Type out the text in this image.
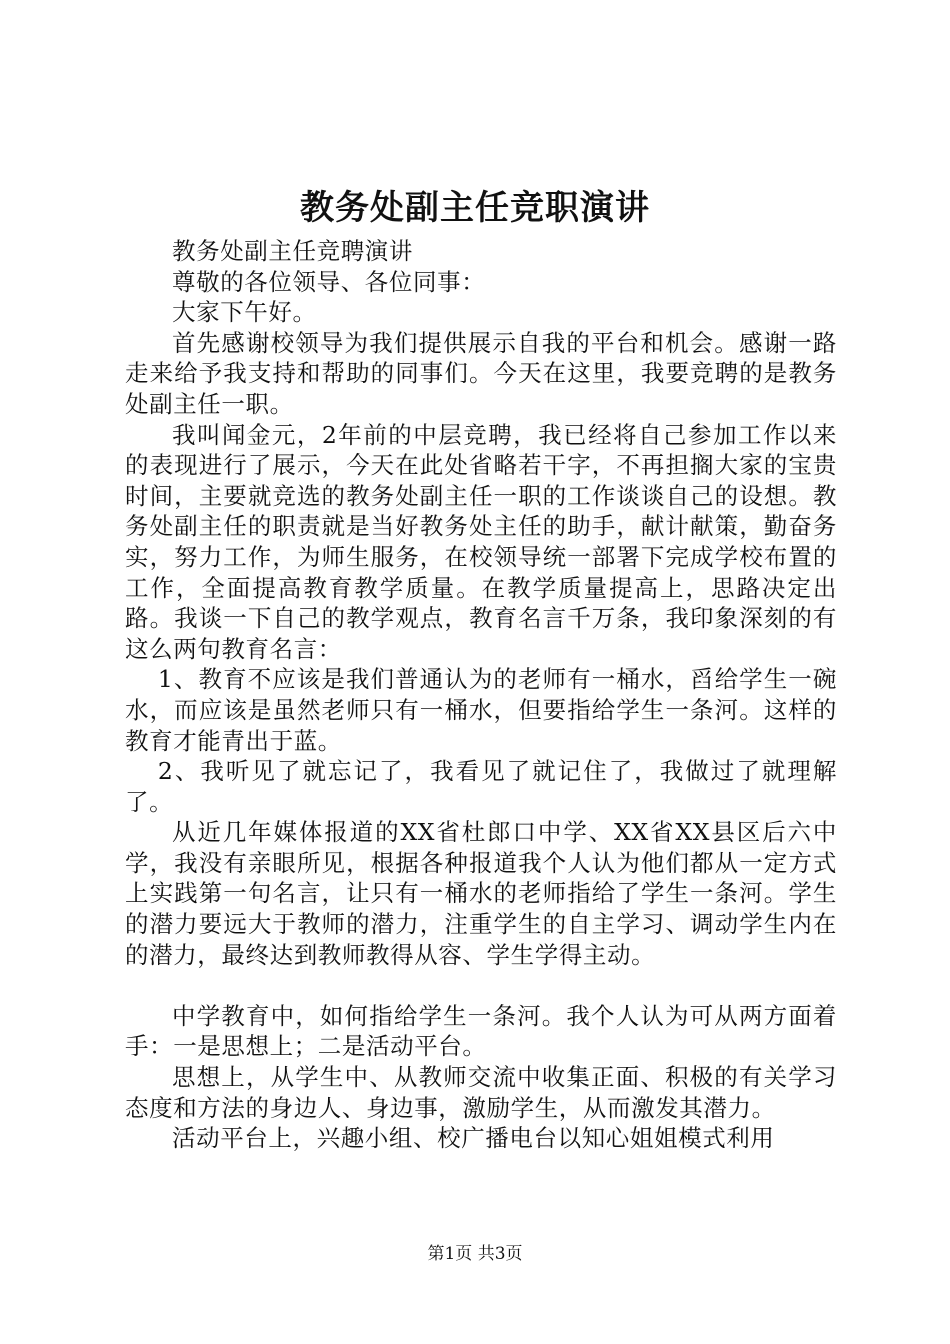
教务处副主任竞职演讲

教务处副主任竞聘演讲

尊敬的各位领导、各位同事：

大家下午好。

首先感谢校领导为我们提供展示自我的平台和机会。感谢一路走来给予我支持和帮助的同事们。今天在这里，我要竞聘的是教务处副主任一职。

我叫闻金元，2年前的中层竞聘，我已经将自己参加工作以来的表现进行了展示，今天在此处省略若干字，不再担搁大家的宝贵时间，主要就竞选的教务处副主任一职的工作谈谈自己的设想。教务处副主任的职责就是当好教务处主任的助手，献计献策，勤奋务实，努力工作，为师生服务，在校领导统一部署下完成学校布置的工作，全面提高教育教学质量。在教学质量提高上，思路决定出路。我谈一下自己的教学观点，教育名言千万条，我印象深刻的有这么两句教育名言：

1、教育不应该是我们普通认为的老师有一桶水，舀给学生一碗水，而应该是虽然老师只有一桶水，但要指给学生一条河。这样的教育才能青出于蓝。

2、我听见了就忘记了，我看见了就记住了，我做过了就理解了。

从近几年媒体报道的XX省杜郎口中学、XX省XX县区后六中学，我没有亲眼所见，根据各种报道我个人认为他们都从一定方式上实践第一句名言，让只有一桶水的老师指给了学生一条河。学生的潜力要远大于教师的潜力，注重学生的自主学习、调动学生内在的潜力，最终达到教师教得从容、学生学得主动。

中学教育中，如何指给学生一条河。我个人认为可从两方面着手：一是思想上；二是活动平台。

思想上，从学生中、从教师交流中收集正面、积极的有关学习态度和方法的身边人、身边事，激励学生，从而激发其潜力。

活动平台上，兴趣小组、校广播电台以知心姐姐模式利用

第1页 共3页
